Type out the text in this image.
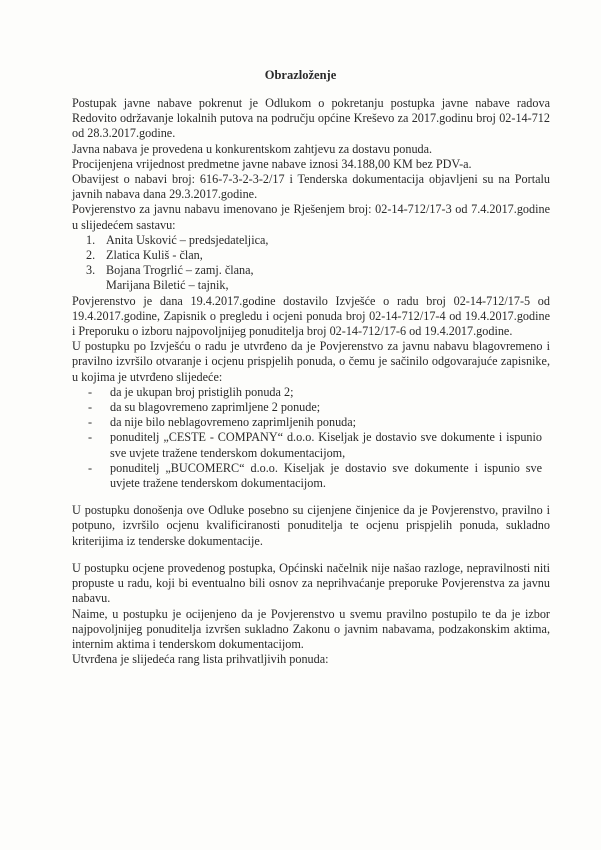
Obrazloženje

Postupak javne nabave pokrenut je Odlukom o pokretanju postupka javne nabave radova Redovito održavanje lokalnih putova na području općine Kreševo za 2017.godinu broj 02-14-712 od 28.3.2017.godine.

Javna nabava je provedena u konkurentskom zahtjevu za dostavu ponuda.

Procijenjena vrijednost predmetne javne nabave iznosi 34.188,00 KM bez PDV-a.

Obavijest o nabavi broj: 616-7-3-2-3-2/17 i Tenderska dokumentacija objavljeni su na Portalu javnih nabava dana 29.3.2017.godine.

Povjerenstvo za javnu nabavu imenovano je Rješenjem broj: 02-14-712/17-3 od 7.4.2017.godine u slijedećem sastavu:

1. Anita Usković – predsjedateljica,
2. Zlatica Kuliš - član,
3. Bojana Trogrlić – zamj. člana,
Marijana Biletić – tajnik,

Povjerenstvo je dana 19.4.2017.godine dostavilo Izvješće o radu broj 02-14-712/17-5 od 19.4.2017.godine, Zapisnik o pregledu i ocjeni ponuda broj 02-14-712/17-4 od 19.4.2017.godine i Preporuku o izboru najpovoljnijeg ponuditelja broj 02-14-712/17-6 od 19.4.2017.godine.

U postupku po Izvješću o radu je utvrđeno da je Povjerenstvo za javnu nabavu blagovremeno i pravilno izvršilo otvaranje i ocjenu prispjelih ponuda, o čemu je sačinilo odgovarajuće zapisnike, u kojima je utvrđeno slijedeće:

-	da je ukupan broj pristiglih ponuda 2;
-	da su blagovremeno zaprimljene 2 ponude;
-	da nije bilo neblagovremeno zaprimljenih ponuda;
-	ponuditelj „CESTE - COMPANY“ d.o.o. Kiseljak je dostavio sve dokumente i ispunio sve uvjete tražene tenderskom dokumentacijom,
-	ponuditelj „BUCOMERC“ d.o.o. Kiseljak je dostavio sve dokumente i ispunio sve uvjete tražene tenderskom dokumentacijom.

U postupku donošenja ove Odluke posebno su cijenjene činjenice da je Povjerenstvo, pravilno i potpuno, izvršilo ocjenu kvalificiranosti ponuditelja te ocjenu prispjelih ponuda, sukladno kriterijima iz tenderske dokumentacije.

U postupku ocjene provedenog postupka, Općinski načelnik nije našao razloge, nepravilnosti niti propuste u radu, koji bi eventualno bili osnov za neprihvaćanje preporuke Povjerenstva za javnu nabavu.

Naime, u postupku je ocijenjeno da je Povjerenstvo u svemu pravilno postupilo te da je izbor najpovoljnijeg ponuditelja izvršen sukladno Zakonu o javnim nabavama, podzakonskim aktima, internim aktima i tenderskom dokumentacijom.

Utvrđena je slijedeća rang lista prihvatljivih ponuda:
